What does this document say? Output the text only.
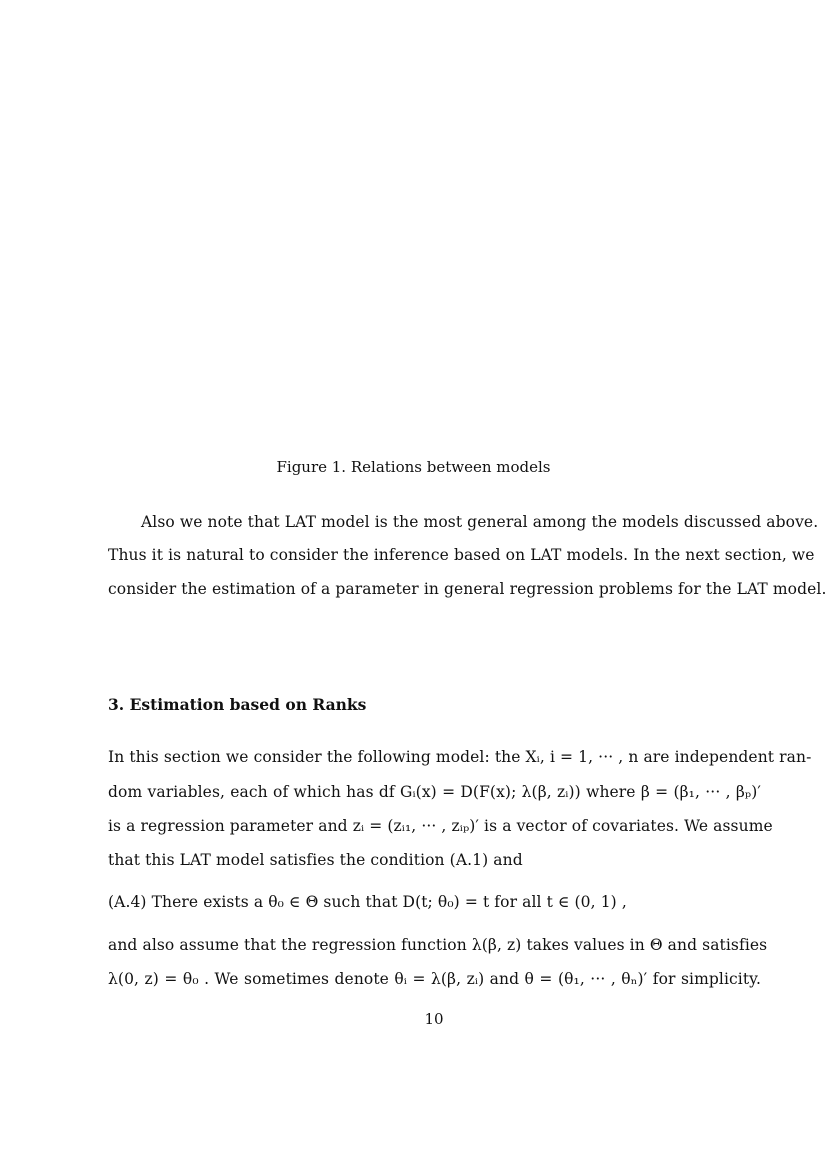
Figure 1. Relations between models
Also we note that LAT model is the most general among the models discussed above.
Thus it is natural to consider the inference based on LAT models. In the next section, we
consider the estimation of a parameter in general regression problems for the LAT model.
3. Estimation based on Ranks
In this section we consider the following model: the Xᵢ, i = 1, ··· , n are independent ran-
dom variables, each of which has df Gᵢ(x) = D(F(x); λ(β, zᵢ)) where β = (β₁, ··· , βₚ)′
is a regression parameter and zᵢ = (zᵢ₁, ··· , zᵢₚ)′ is a vector of covariates. We assume
that this LAT model satisfies the condition (A.1) and
(A.4) There exists a θ₀ ∈ Θ such that D(t; θ₀) = t for all t ∈ (0, 1) ,
and also assume that the regression function λ(β, z) takes values in Θ and satisfies
λ(0, z) = θ₀ . We sometimes denote θᵢ = λ(β, zᵢ) and θ = (θ₁, ··· , θₙ)′ for simplicity.
10
